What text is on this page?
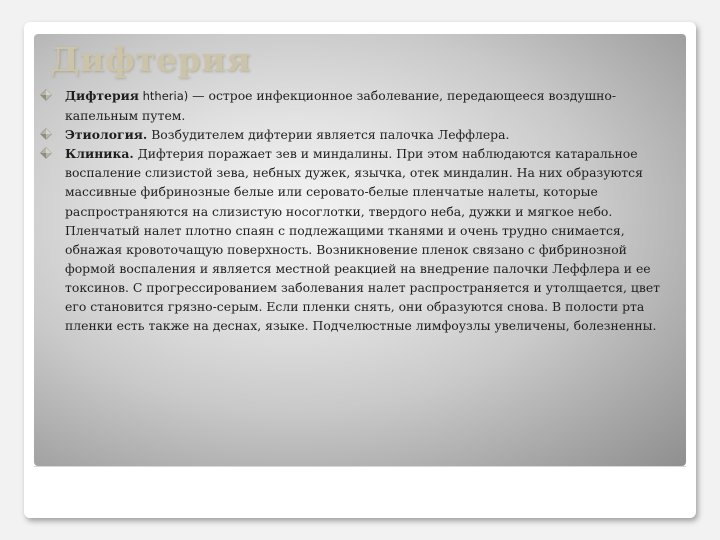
Дифтерия

Дифтерия htheria) — острое инфекционное заболевание, передающееся воздушно-капельным путем.

Этиология. Возбудителем дифтерии является палочка Леффлера.

Клиника. Дифтерия поражает зев и миндалины. При этом наблюдаются катаральное воспаление слизистой зева, небных дужек, язычка, отек миндалин. На них образуются массивные фибринозные белые или серовато-белые пленчатые налеты, которые распространяются на слизистую носоглотки, твердого неба, дужки и мягкое небо. Пленчатый налет плотно спаян с подлежащими тканями и очень трудно снимается, обнажая кровоточащую поверхность. Возникновение пленок связано с фибринозной формой воспаления и является местной реакцией на внедрение палочки Леффлера и ее токсинов. С прогрессированием заболевания налет распространяется и утолщается, цвет его становится грязно-серым. Если пленки снять, они образуются снова. В полости рта пленки есть также на деснах, языке. Подчелюстные лимфоузлы увеличены, болезненны.
